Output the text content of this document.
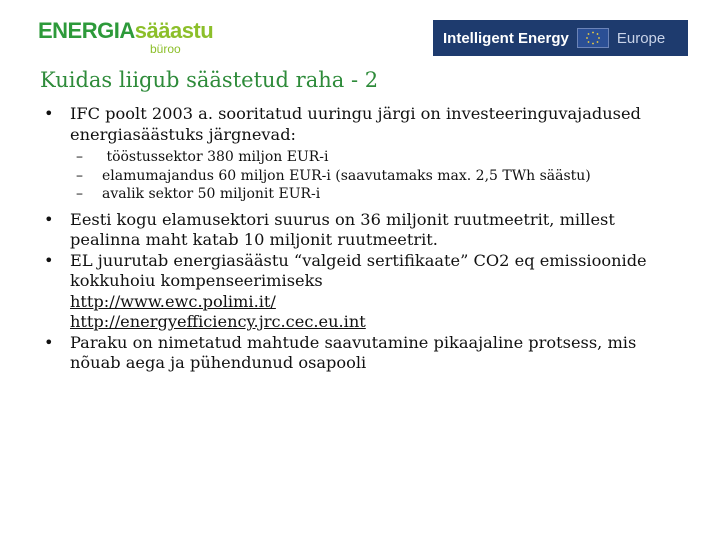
ENERGIAsääastu
büroo
Intelligent Energy	Europe
Kuidas liigub säästetud raha - 2
• IFC poolt 2003 a. sooritatud uuringu järgi on investeeringuvajadused energiasäästuks järgnevad:
– tööstussektor 380 miljon EUR-i
– elamumajandus 60 miljon EUR-i (saavutamaks max. 2,5 TWh säästu)
– avalik sektor 50 miljonit EUR-i
• Eesti kogu elamusektori suurus on 36 miljonit ruutmeetrit, millest pealinna maht katab 10 miljonit ruutmeetrit.
• EL juurutab energiasäästu “valgeid sertifikaate” CO2 eq emissioonide kokkuhoiu kompenseerimiseks
http://www.ewc.polimi.it/
http://energyefficiency.jrc.cec.eu.int
• Paraku on nimetatud mahtude saavutamine pikaajaline protsess, mis nõuab aega ja pühendunud osapooli
